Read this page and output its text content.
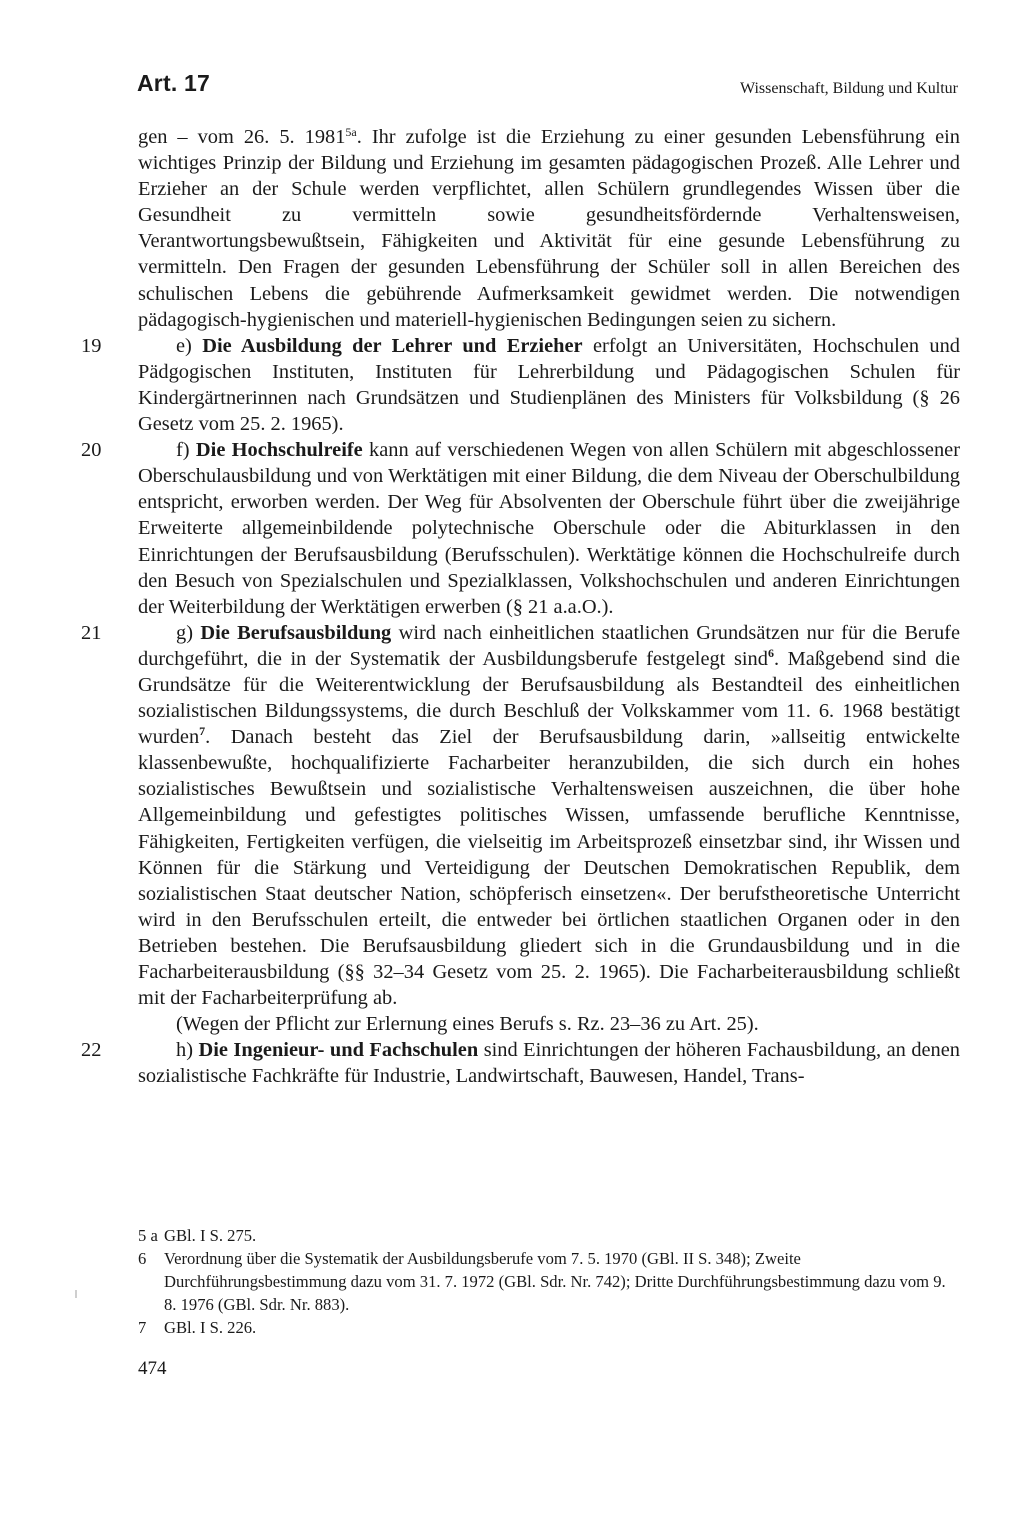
Art. 17	Wissenschaft, Bildung und Kultur

gen – vom 26. 5. $1981^{5a}$. Ihr zufolge ist die Erziehung zu einer gesunden Lebensführung ein wichtiges Prinzip der Bildung und Erziehung im gesamten pädagogischen Prozeß. Alle Lehrer und Erzieher an der Schule werden verpflichtet, allen Schülern grundlegendes Wissen über die Gesundheit zu vermitteln sowie gesundheitsfördernde Verhaltensweisen, Verantwortungsbewußtsein, Fähigkeiten und Aktivität für eine gesunde Lebensführung zu vermitteln. Den Fragen der gesunden Lebensführung der Schüler soll in allen Bereichen des schulischen Lebens die gebührende Aufmerksamkeit gewidmet werden. Die notwendigen pädagogisch-hygienischen und materiell-hygienischen Bedingungen seien zu sichern.

19	e) Die Ausbildung der Lehrer und Erzieher erfolgt an Universitäten, Hochschulen und Pädgogischen Instituten, Instituten für Lehrerbildung und Pädagogischen Schulen für Kindergärtnerinnen nach Grundsätzen und Studienplänen des Ministers für Volksbildung (§ 26 Gesetz vom 25. 2. 1965).

20	f) Die Hochschulreife kann auf verschiedenen Wegen von allen Schülern mit abgeschlossener Oberschulausbildung und von Werktätigen mit einer Bildung, die dem Niveau der Oberschulbildung entspricht, erworben werden. Der Weg für Absolventen der Oberschule führt über die zweijährige Erweiterte allgemeinbildende polytechnische Oberschule oder die Abiturklassen in den Einrichtungen der Berufsausbildung (Berufsschulen). Werktätige können die Hochschulreife durch den Besuch von Spezialschulen und Spezialklassen, Volkshochschulen und anderen Einrichtungen der Weiterbildung der Werktätigen erwerben (§ 21 a.a.O.).

21	g) Die Berufsausbildung wird nach einheitlichen staatlichen Grundsätzen nur für die Berufe durchgeführt, die in der Systematik der Ausbildungsberufe festgelegt sind$^6$. Maßgebend sind die Grundsätze für die Weiterentwicklung der Berufsausbildung als Bestandteil des einheitlichen sozialistischen Bildungssystems, die durch Beschluß der Volkskammer vom 11. 6. 1968 bestätigt wurden$^7$. Danach besteht das Ziel der Berufsausbildung darin, »allseitig entwickelte klassenbewußte, hochqualifizierte Facharbeiter heranzubilden, die sich durch ein hohes sozialistisches Bewußtsein und sozialistische Verhaltensweisen auszeichnen, die über hohe Allgemeinbildung und gefestigtes politisches Wissen, umfassende berufliche Kenntnisse, Fähigkeiten, Fertigkeiten verfügen, die vielseitig im Arbeitsprozeß einsetzbar sind, ihr Wissen und Können für die Stärkung und Verteidigung der Deutschen Demokratischen Republik, dem sozialistischen Staat deutscher Nation, schöpferisch einsetzen«. Der berufstheoretische Unterricht wird in den Berufsschulen erteilt, die entweder bei örtlichen staatlichen Organen oder in den Betrieben bestehen. Die Berufsausbildung gliedert sich in die Grundausbildung und in die Facharbeiterausbildung (§§ 32–34 Gesetz vom 25. 2. 1965). Die Facharbeiterausbildung schließt mit der Facharbeiterprüfung ab.

(Wegen der Pflicht zur Erlernung eines Berufs s. Rz. 23–36 zu Art. 25).

22	h) Die Ingenieur- und Fachschulen sind Einrichtungen der höheren Fachausbildung, an denen sozialistische Fachkräfte für Industrie, Landwirtschaft, Bauwesen, Handel, Trans-

5 a GBl. I S. 275.

6 Verordnung über die Systematik der Ausbildungsberufe vom 7. 5. 1970 (GBl. II S. 348); Zweite Durchführungsbestimmung dazu vom 31. 7. 1972 (GBl. Sdr. Nr. 742); Dritte Durchführungsbestimmung dazu vom 9. 8. 1976 (GBl. Sdr. Nr. 883).

7 GBl. I S. 226.

474
